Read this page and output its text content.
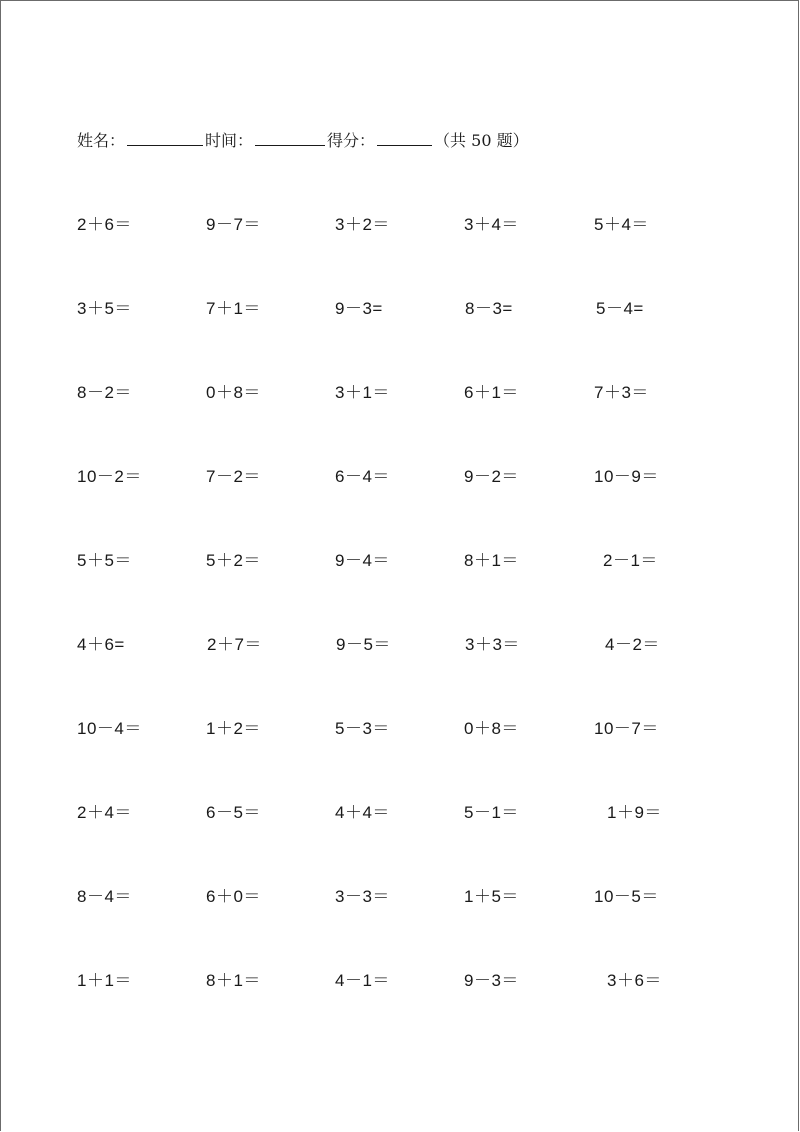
姓名：	时间：	得分：	（共 50 题）
2＋6＝	9－7＝	3＋2＝	3＋4＝	5＋4＝
3＋5＝	7＋1＝	9－3=	8－3=	5－4=
8－2＝	0＋8＝	3＋1＝	6＋1＝	7＋3＝
10－2＝	7－2＝	6－4＝	9－2＝	10－9＝
5＋5＝	5＋2＝	9－4＝	8＋1＝	2－1＝
4＋6=	2＋7＝	9－5＝	3＋3＝	4－2＝
10－4＝	1＋2＝	5－3＝	0＋8＝	10－7＝
2＋4＝	6－5＝	4＋4＝	5－1＝	1＋9＝
8－4＝	6＋0＝	3－3＝	1＋5＝	10－5＝
1＋1＝	8＋1＝	4－1＝	9－3＝	3＋6＝
